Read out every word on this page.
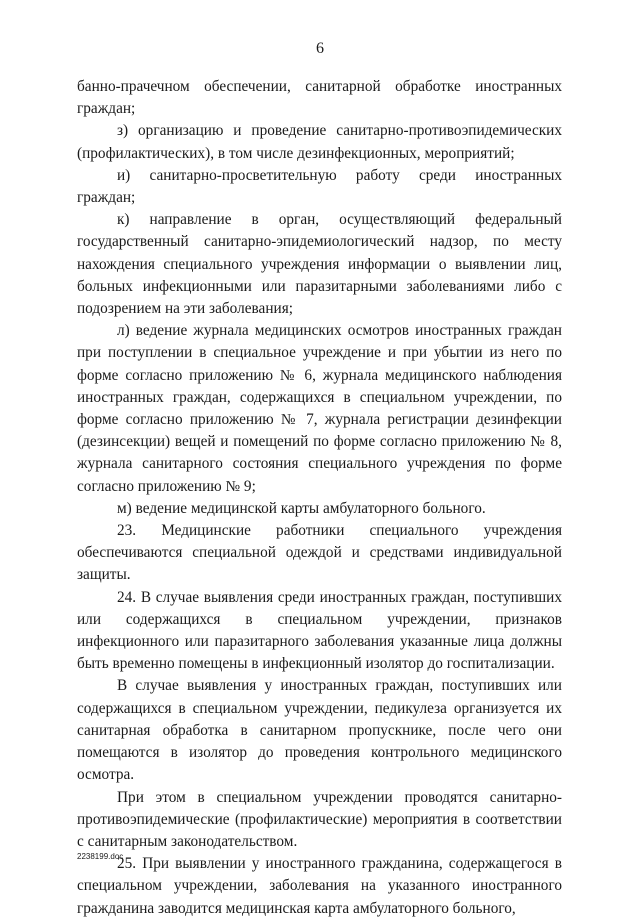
6

банно-прачечном обеспечении, санитарной обработке иностранных граждан;

з) организацию и проведение санитарно-противоэпидемических (профилактических), в том числе дезинфекционных, мероприятий;

и) санитарно-просветительную работу среди иностранных граждан;

к) направление в орган, осуществляющий федеральный государственный санитарно-эпидемиологический надзор, по месту нахождения специального учреждения информации о выявлении лиц, больных инфекционными или паразитарными заболеваниями либо с подозрением на эти заболевания;

л) ведение журнала медицинских осмотров иностранных граждан при поступлении в специальное учреждение и при убытии из него по форме согласно приложению № 6, журнала медицинского наблюдения иностранных граждан, содержащихся в специальном учреждении, по форме согласно приложению № 7, журнала регистрации дезинфекции (дезинсекции) вещей и помещений по форме согласно приложению № 8, журнала санитарного состояния специального учреждения по форме согласно приложению № 9;

м) ведение медицинской карты амбулаторного больного.

23. Медицинские работники специального учреждения обеспечиваются специальной одеждой и средствами индивидуальной защиты.

24. В случае выявления среди иностранных граждан, поступивших или содержащихся в специальном учреждении, признаков инфекционного или паразитарного заболевания указанные лица должны быть временно помещены в инфекционный изолятор до госпитализации.

В случае выявления у иностранных граждан, поступивших или содержащихся в специальном учреждении, педикулеза организуется их санитарная обработка в санитарном пропускнике, после чего они помещаются в изолятор до проведения контрольного медицинского осмотра.

При этом в специальном учреждении проводятся санитарно-противоэпидемические (профилактические) мероприятия в соответствии с санитарным законодательством.

25. При выявлении у иностранного гражданина, содержащегося в специальном учреждении, заболевания на указанного иностранного гражданина заводится медицинская карта амбулаторного больного,

2238199.doc
